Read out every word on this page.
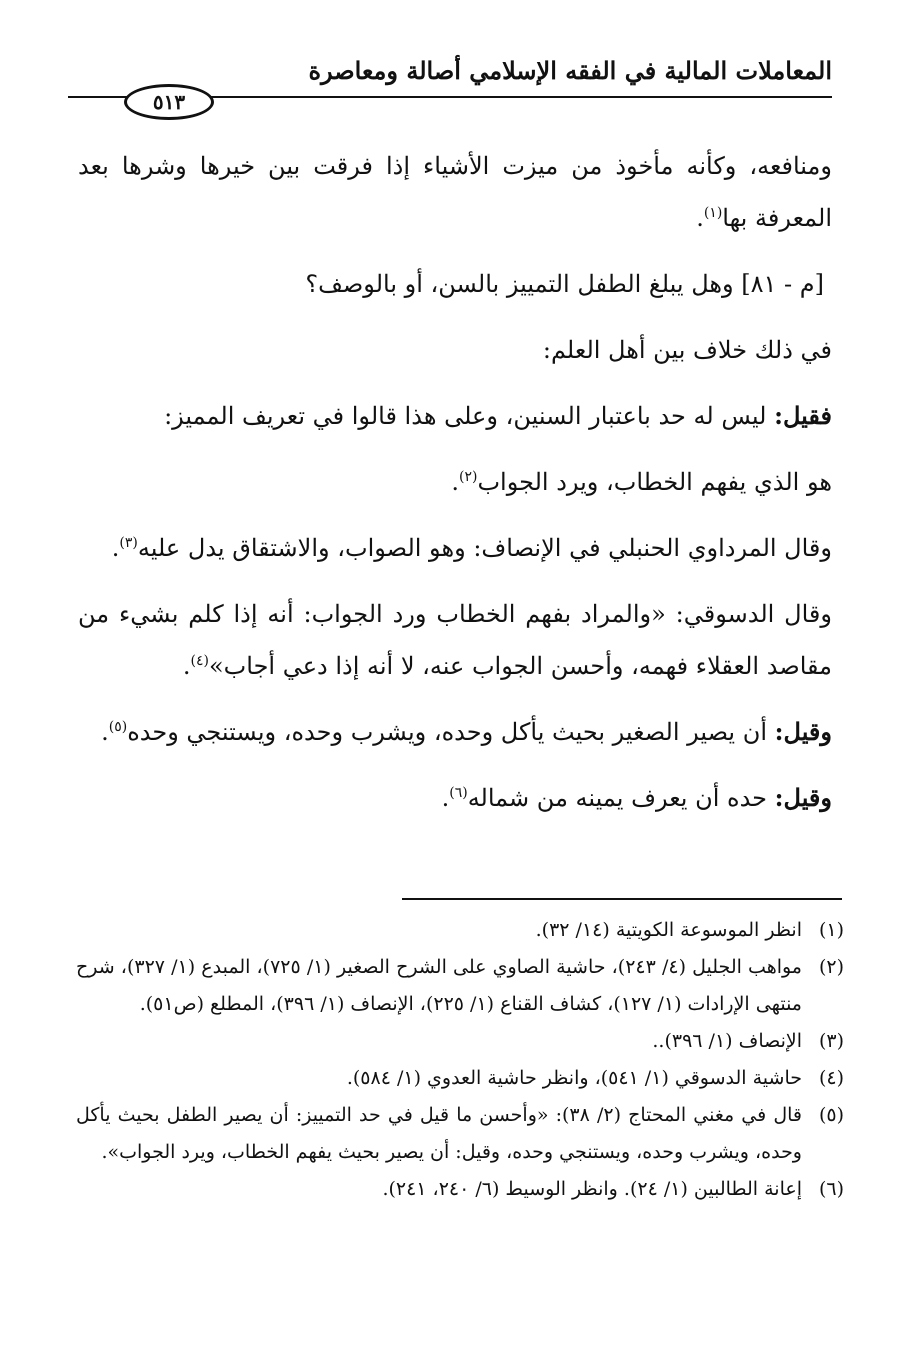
المعاملات المالية في الفقه الإسلامي أصالة ومعاصرة
٥١٣

ومنافعه، وكأنه مأخوذ من ميزت الأشياء إذا فرقت بين خيرها وشرها بعد المعرفة بها$^{(١)}$.

[م - ٨١] وهل يبلغ الطفل التمييز بالسن، أو بالوصف؟

في ذلك خلاف بين أهل العلم:

فقيل: ليس له حد باعتبار السنين، وعلى هذا قالوا في تعريف المميز:

هو الذي يفهم الخطاب، ويرد الجواب$^{(٢)}$.

وقال المرداوي الحنبلي في الإنصاف: وهو الصواب، والاشتقاق يدل عليه$^{(٣)}$.

وقال الدسوقي: «والمراد بفهم الخطاب ورد الجواب: أنه إذا كلم بشيء من مقاصد العقلاء فهمه، وأحسن الجواب عنه، لا أنه إذا دعي أجاب»$^{(٤)}$.

وقيل: أن يصير الصغير بحيث يأكل وحده، ويشرب وحده، ويستنجي وحده$^{(٥)}$.

وقيل: حده أن يعرف يمينه من شماله$^{(٦)}$.

(١)
انظر الموسوعة الكويتية (١٤/ ٣٢).
(٢)
مواهب الجليل (٤/ ٢٤٣)، حاشية الصاوي على الشرح الصغير (١/ ٧٢٥)، المبدع (١/ ٣٢٧)، شرح منتهى الإرادات (١/ ١٢٧)، كشاف القناع (١/ ٢٢٥)، الإنصاف (١/ ٣٩٦)، المطلع (ص٥١).
(٣)
الإنصاف (١/ ٣٩٦)..
(٤)
حاشية الدسوقي (١/ ٥٤١)، وانظر حاشية العدوي (١/ ٥٨٤).
(٥)
قال في مغني المحتاج (٢/ ٣٨): «وأحسن ما قيل في حد التمييز: أن يصير الطفل بحيث يأكل وحده، ويشرب وحده، ويستنجي وحده، وقيل: أن يصير بحيث يفهم الخطاب، ويرد الجواب».
(٦)
إعانة الطالبين (١/ ٢٤). وانظر الوسيط (٦/ ٢٤٠، ٢٤١).
